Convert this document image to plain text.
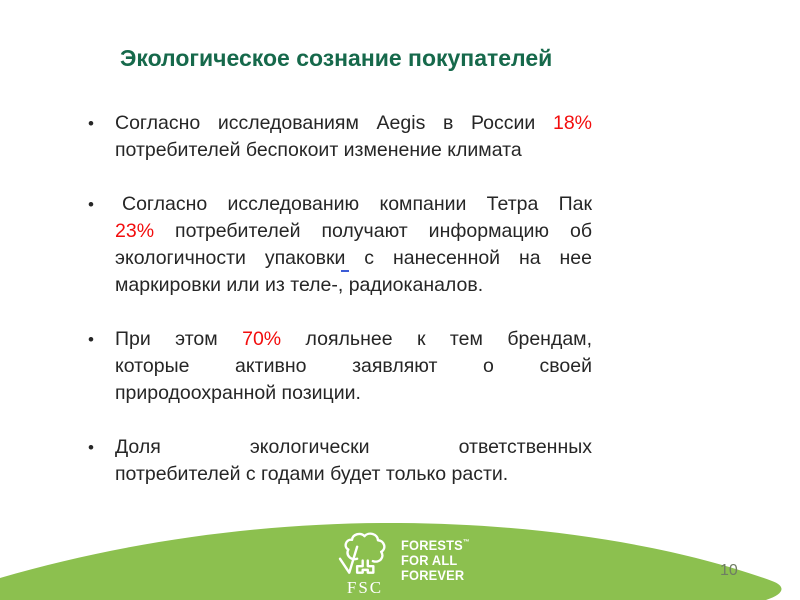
Экологическое сознание покупателей
•	Согласно исследованиям Aegis в России 18%
потребителей беспокоит изменение климата
•	Согласно исследованию компании Тетра Пак
23% потребителей получают информацию об
экологичности упаковки с нанесенной на нее
маркировки или из теле-, радиоканалов.
•	При этом 70% лояльнее к тем брендам,
которые активно заявляют о своей
природоохранной позиции.
•	Доля экологически ответственных
потребителей с годами будет только расти.
FSC
FORESTS™
FOR ALL
FOREVER	10
